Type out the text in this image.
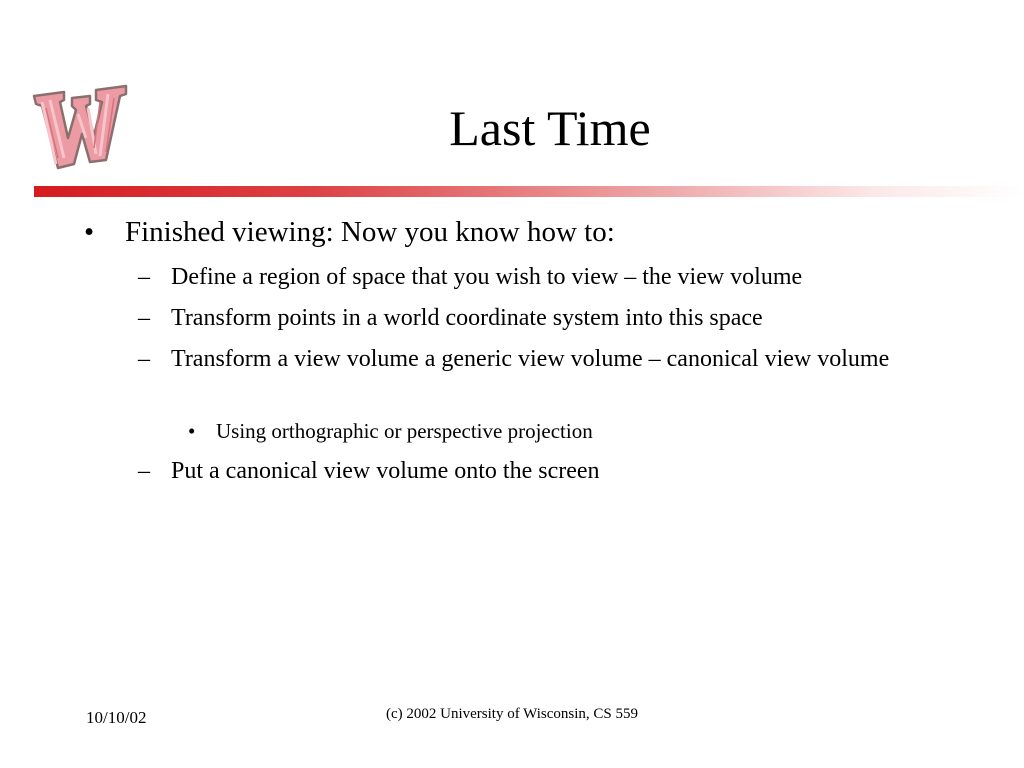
Last Time
•	Finished viewing: Now you know how to:
– Define a region of space that you wish to view – the view volume
– Transform points in a world coordinate system into this space
– Transform a view volume a generic view volume – canonical view volume
• Using orthographic or perspective projection
– Put a canonical view volume onto the screen
10/10/02	(c) 2002 University of Wisconsin, CS 559
